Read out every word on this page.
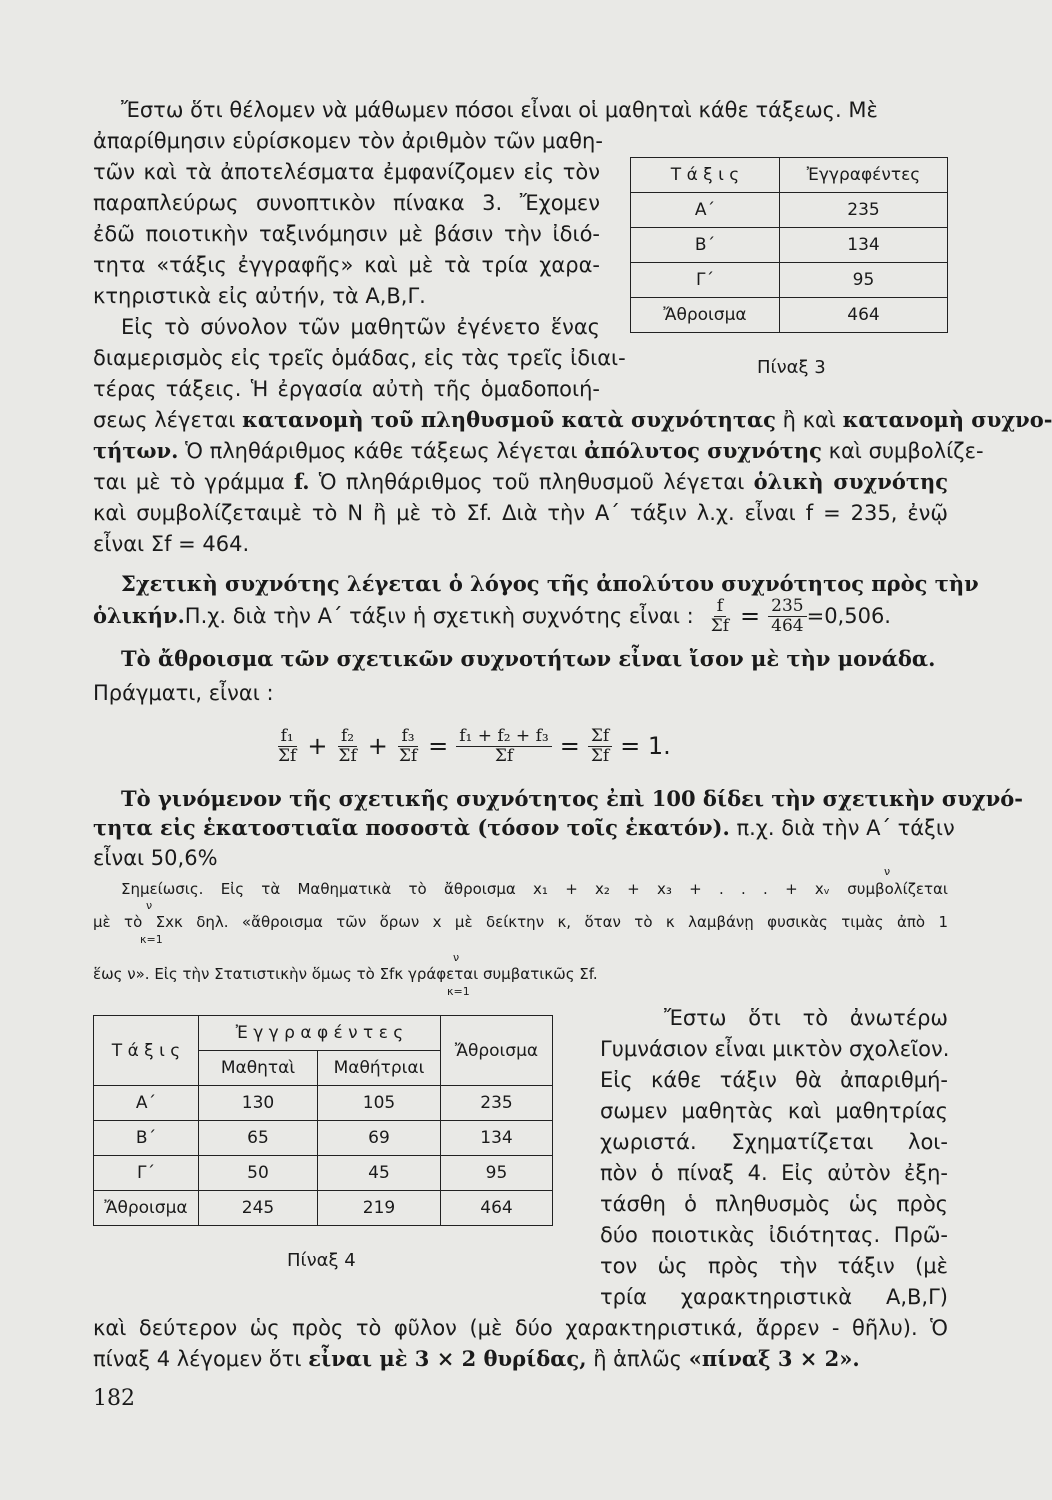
Ἔστω ὅτι θέλομεν νὰ μάθωμεν πόσοι εἶναι οἱ μαθηταὶ κάθε τάξεως. Μὲ
ἀπαρίθμησιν εὑρίσκομεν τὸν ἀριθμὸν τῶν μαθη-
τῶν καὶ τὰ ἀποτελέσματα ἐμφανίζομεν εἰς τὸν
παραπλεύρως συνοπτικὸν πίνακα 3. Ἔχομεν
ἐδῶ ποιοτικὴν ταξινόμησιν μὲ βάσιν τὴν ἰδιό-
τητα «τάξις ἐγγραφῆς» καὶ μὲ τὰ τρία χαρα-
κτηριστικὰ εἰς αὐτήν, τὰ Α,Β,Γ.
Τ ά ξ ι ς	Ἐγγραφέντες
Α΄	235
Β΄	134
Γ΄	95
Ἄθροισμα	464
Πίναξ 3
Εἰς τὸ σύνολον τῶν μαθητῶν ἐγένετο ἕνας
διαμερισμὸς εἰς τρεῖς ὁμάδας, εἰς τὰς τρεῖς ἰδιαι-
τέρας τάξεις. Ἡ ἐργασία αὐτὴ τῆς ὁμαδοποιή-
σεως λέγεται κατανομὴ τοῦ πληθυσμοῦ κατὰ συχνότητας ἢ καὶ κατανομὴ συχνο-
τήτων. Ὁ πληθάριθμος κάθε τάξεως λέγεται ἀπόλυτος συχνότης καὶ συμβολίζε-
ται μὲ τὸ γράμμα f. Ὁ πληθάριθμος τοῦ πληθυσμοῦ λέγεται ὁλικὴ συχνότης
καὶ συμβολίζεταιμὲ τὸ Ν ἢ μὲ τὸ Σf. Διὰ τὴν Α΄ τάξιν λ.χ. εἶναι f = 235, ἐνῷ
εἶναι Σf = 464.
Σχετικὴ συχνότης λέγεται ὁ λόγος τῆς ἀπολύτου συχνότητος πρὸς τὴν
ὁλικήν. Π.χ. διὰ τὴν Α΄ τάξιν ἡ σχετικὴ συχνότης εἶναι : $\frac{f}{\Sigma f} = \frac{235}{464} =0,506$.
Τὸ ἄθροισμα τῶν σχετικῶν συχνοτήτων εἶναι ἴσον μὲ τὴν μονάδα.
Πράγματι, εἶναι :
$\frac{\text{f₁}}{\Sigma f} + \frac{\text{f₂}}{\Sigma f} + \frac{\text{f₃}}{\Sigma f} = \frac{\text{f₁ + f₂ + f₃}}{\Sigma f} = \frac{\Sigma f}{\Sigma f} = 1$.
Τὸ γινόμενον τῆς σχετικῆς συχνότητος ἐπὶ 100 δίδει τὴν σχετικὴν συχνό-
τητα εἰς ἑκατοστιαῖα ποσοστὰ (τόσον τοῖς ἑκατόν). π.χ. διὰ τὴν Α΄ τάξιν
εἶναι 50,6%
ν
Σημείωσις. Εἰς τὰ Μαθηματικὰ τὸ ἄθροισμα x₁ + x₂ + x₃ + . . . + xᵥ συμβολίζεται
ν
μὲ τὸ Σxκ δηλ. «ἄθροισμα τῶν ὅρων x μὲ δείκτην κ, ὅταν τὸ κ λαμβάνῃ φυσικὰς τιμὰς ἀπὸ 1
κ=1
ν
ἕως ν». Εἰς τὴν Στατιστικὴν ὅμως τὸ Σfκ γράφεται συμβατικῶς Σf.
κ=1
Τ ά ξ ι ς	Ἐ γ γ ρ α φ έ ν τ ε ς		Ἄθροισμα
	Μαθηταὶ	Μαθήτριαι	
Α΄	130	105	235
Β΄	65	69	134
Γ΄	50	45	95
Ἄθροισμα	245	219	464
Πίναξ 4
Ἔστω ὅτι τὸ ἀνωτέρω
Γυμνάσιον εἶναι μικτὸν σχολεῖον.
Εἰς κάθε τάξιν θὰ ἀπαριθμή-
σωμεν μαθητὰς καὶ μαθητρίας
χωριστά. Σχηματίζεται λοι-
πὸν ὁ πίναξ 4. Εἰς αὐτὸν ἐξη-
τάσθη ὁ πληθυσμὸς ὡς πρὸς
δύο ποιοτικὰς ἰδιότητας. Πρῶ-
τον ὡς πρὸς τὴν τάξιν (μὲ
τρία χαρακτηριστικὰ Α,Β,Γ)
καὶ δεύτερον ὡς πρὸς τὸ φῦλον (μὲ δύο χαρακτηριστικά, ἄρρεν - θῆλυ). Ὁ
πίναξ 4 λέγομεν ὅτι εἶναι μὲ 3 × 2 θυρίδας, ἢ ἁπλῶς «πίναξ 3 × 2».
182
